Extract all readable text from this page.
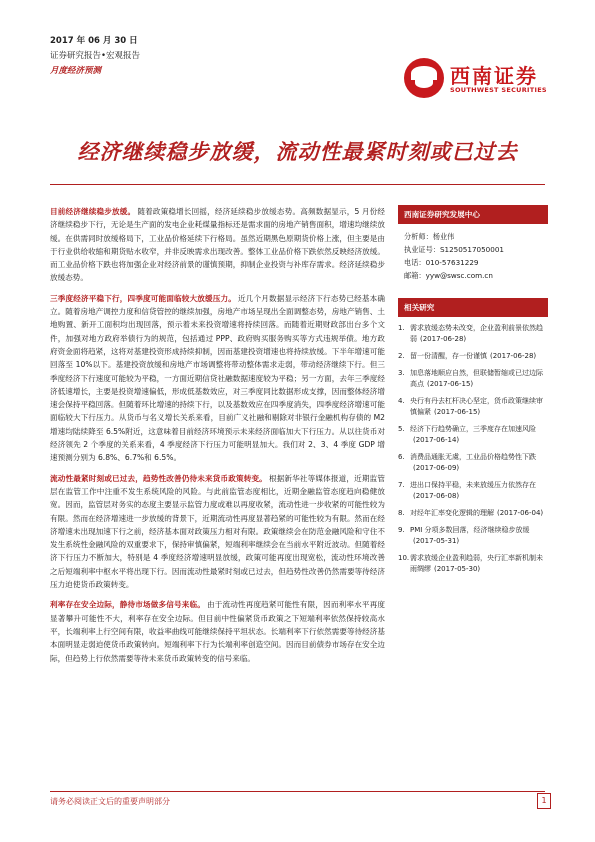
2017 年 06 月 30 日
证券研究报告•宏观报告
月度经济预测	西南证券
SOUTHWEST SECURITIES
经济继续稳步放缓，流动性最紧时刻或已过去

目前经济继续稳步放缓。 随着政策稳增长回摇，经济延续稳步放缓态势。高频数据显示，5 月份经济继续稳步下行，无论是生产面的发电企业耗煤量指标还是需求面的房地产销售面积，增速均继续放缓。在供需同时放缓格局下，工业品价格延续下行格局。虽然近期黑色原期货价格上涨，但主要是由于行业供给收缩和期货贴水收窄，并非反映需求出现改善。整体工业品价格下跌依然反映经济放缓。而工业品价格下跌也将加强企业对经济前景的谨慎预期，抑制企业投资与补库存需求。经济延续稳步放缓态势。

三季度经济平稳下行，四季度可能面临较大放缓压力。 近几个月数据显示经济下行态势已经基本确立。随着房地产调控力度和信贷管控的继续加强，房地产市场呈现出全面调整态势，房地产销售、土地购置、新开工面积均出现回落，预示着未来投资增速将持续回落。而随着近期财政部出台多个文件，加强对地方政府举债行为的规范，包括通过 PPP、政府购买服务购买等方式违规举债。地方政府资金面将趋紧，这将对基建投资形成持续抑制，因而基建投资增速也将持续放缓。下半年增速可能回落至 10%以下。基建投资放缓和房地产市场调整将带动整体需求走弱，带动经济继续下行。但三季度经济下行速度可能较为平稳，一方面近期信贷社融数据速度较为平稳；另一方面，去年三季度经济低速增长，主要是投资增速偏低，形成低基数效应，对三季度同比数据形成支撑，因而整体经济增速会保持平稳回落。但随着环比增速的持续下行，以及基数效应在四季度消失，四季度经济增速可能面临较大下行压力。从货币与名义增长关系来看，目前广义社融和剔除对非银行金融机构存债的 M2 增速均陆续降至 6.5%附近，这意味着目前经济环境预示未来经济面临加大下行压力。从以往货币对经济领先 2 个季度的关系来看，4 季度经济下行压力可能明显加大。我们对 2、3、4 季度 GDP 增速预测分别为 6.8%、6.7%和 6.5%。

流动性最紧时刻或已过去，趋势性改善仍待未来货币政策转变。 根据新华社等媒体报道，近期监管层在监管工作中注重不发生系统风险的风险。与此前监管态度相比，近期金融监管态度趋向稳健放宽。因而，监管层对务实的态度主要显示监管力度或难以再度收紧，流动性进一步收紧的可能性较为有限。然而在经济增速进一步放缓的背景下，近期流动性再度显著趋紧的可能性较为有限。然而在经济增速未出现加速下行之前，经济基本面对政策压力相对有限。政策继续会在防范金融风险和守住不发生系统性金融风险的双重要求下，保持审慎偏紧，短端利率继续会在当前水平附近波动。但随着经济下行压力不断加大，特别是 4 季度经济增速明显放缓，政策可能再度出现宽松，流动性环境改善之后短端利率中枢水平将出现下行。因而流动性最紧时刻或已过去，但趋势性改善仍然需要等待经济压力迫使货币政策转变。

利率存在安全边际，静待市场做多信号来临。 由于流动性再度趋紧可能性有限，因而利率水平再度显著攀升可能性不大，利率存在安全边际。但目前中性偏紧货币政策之下短端利率依然保持较高水平，长端利率上行空间有限，收益率曲线可能继续保持平坦状态。长端利率下行依然需要等待经济基本面明显走弱迫使货币政策转向。短端利率下行为长端利率创造空间。因而目前债券市场存在安全边际，但趋势上行依然需要等待未来货币政策转变的信号来临。

西南证券研究发展中心
分析师：杨业伟
执业证号：S1250517050001
电话：010-57631229
邮箱：yyw@swsc.com.cn
相关研究
1. 需求放缓态势未改变，企业盈利前景依然趋弱 (2017-06-28)
2. 留一份清醒，存一份谨慎 (2017-06-28)
3. 加息落地顺应自然，但联储暂缩或已过边际高点 (2017-06-15)
4. 央行有丹去杠杆决心坚定，货币政策继续审慎偏紧 (2017-06-15)
5. 经济下行趋势确立，三季度存在加速风险(2017-06-14)
6. 消费品通胀无虞，工业品价格趋势性下跌(2017-06-09)
7. 进出口保持平稳，未来放缓压力依然存在(2017-06-08)
8. 对经年汇率变化逻辑的理解 (2017-06-04)
9. PMI 分项多数回落，经济继续稳步放缓(2017-05-31)
10. 需求放缓企业盈利趋弱，央行汇率新机制未雨绸缪 (2017-05-30)
请务必阅读正文后的重要声明部分	1
